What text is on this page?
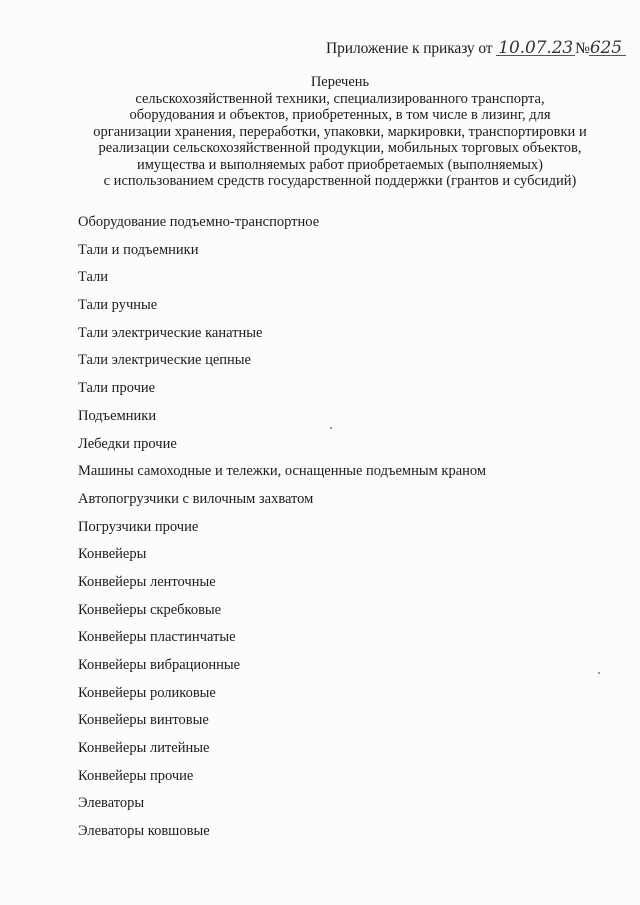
Приложение к приказу от 10.07.23 №625
Перечень
сельскохозяйственной техники, специализированного транспорта,
оборудования и объектов, приобретенных, в том числе в лизинг, для
организации хранения, переработки, упаковки, маркировки, транспортировки и
реализации сельскохозяйственной продукции, мобильных торговых объектов,
имущества и выполняемых работ приобретаемых (выполняемых)
с использованием средств государственной поддержки (грантов и субсидий)
Оборудование подъемно-транспортное
Тали и подъемники
Тали
Тали ручные
Тали электрические канатные
Тали электрические цепные
Тали прочие
Подъемники
Лебедки прочие
Машины самоходные и тележки, оснащенные подъемным краном
Автопогрузчики с вилочным захватом
Погрузчики прочие
Конвейеры
Конвейеры ленточные
Конвейеры скребковые
Конвейеры пластинчатые
Конвейеры вибрационные
Конвейеры роликовые
Конвейеры винтовые
Конвейеры литейные
Конвейеры прочие
Элеваторы
Элеваторы ковшовые
